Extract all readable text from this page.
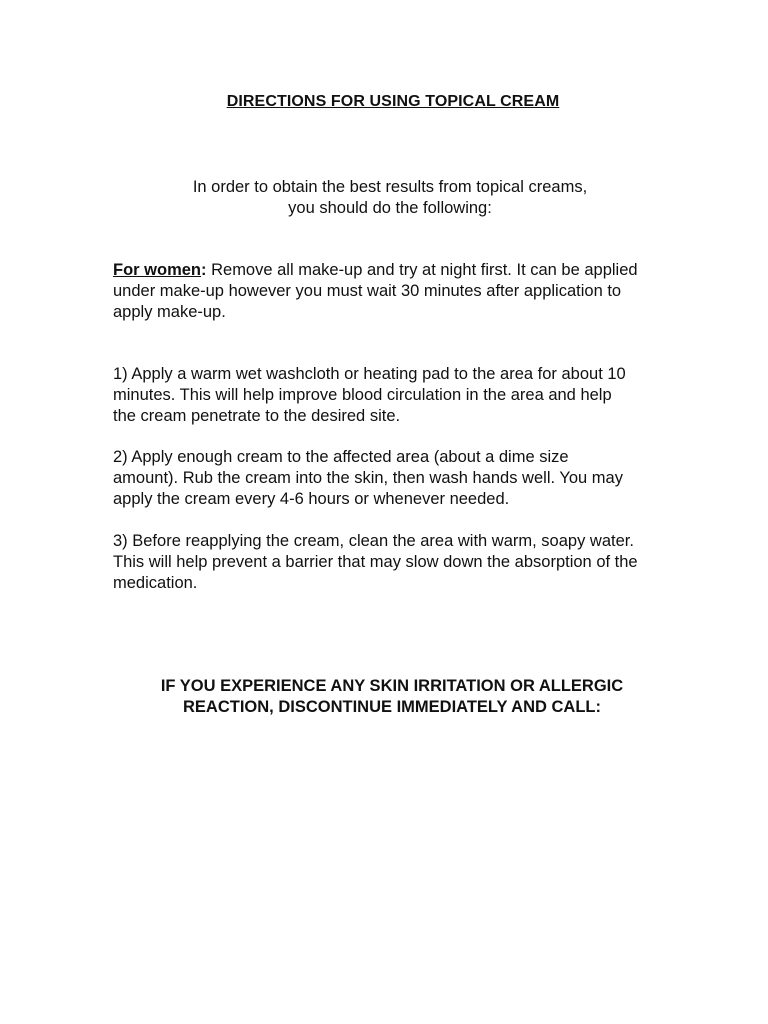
DIRECTIONS FOR USING TOPICAL CREAM
In order to obtain the best results from topical creams,
you should do the following:

For women: Remove all make-up and try at night first. It can be applied
under make-up however you must wait 30 minutes after application to
apply make-up.

1) Apply a warm wet washcloth or heating pad to the area for about 10
minutes. This will help improve blood circulation in the area and help
the cream penetrate to the desired site.

2) Apply enough cream to the affected area (about a dime size
amount). Rub the cream into the skin, then wash hands well. You may
apply the cream every 4-6 hours or whenever needed.

3) Before reapplying the cream, clean the area with warm, soapy water.
This will help prevent a barrier that may slow down the absorption of the
medication.

IF YOU EXPERIENCE ANY SKIN IRRITATION OR ALLERGIC
REACTION, DISCONTINUE IMMEDIATELY AND CALL:
